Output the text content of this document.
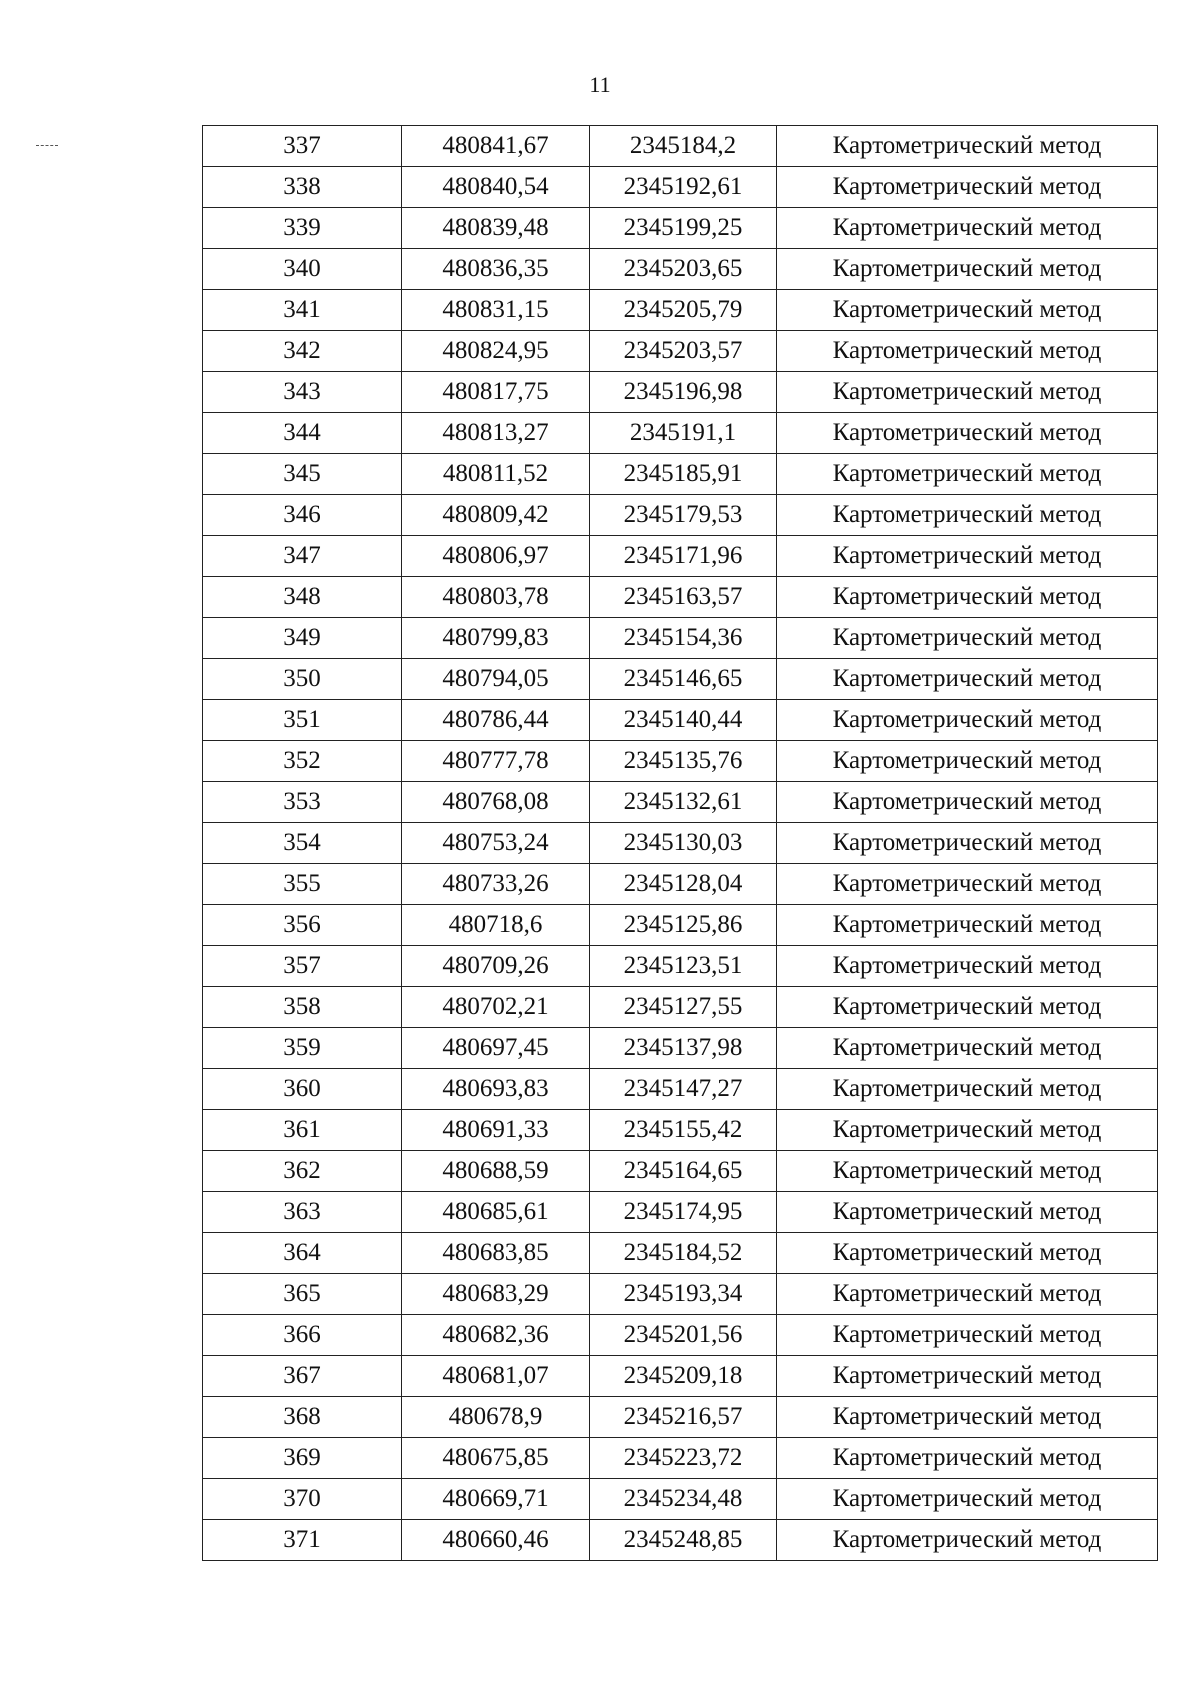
11
337	480841,67	2345184,2	Картометрический метод
338	480840,54	2345192,61	Картометрический метод
339	480839,48	2345199,25	Картометрический метод
340	480836,35	2345203,65	Картометрический метод
341	480831,15	2345205,79	Картометрический метод
342	480824,95	2345203,57	Картометрический метод
343	480817,75	2345196,98	Картометрический метод
344	480813,27	2345191,1	Картометрический метод
345	480811,52	2345185,91	Картометрический метод
346	480809,42	2345179,53	Картометрический метод
347	480806,97	2345171,96	Картометрический метод
348	480803,78	2345163,57	Картометрический метод
349	480799,83	2345154,36	Картометрический метод
350	480794,05	2345146,65	Картометрический метод
351	480786,44	2345140,44	Картометрический метод
352	480777,78	2345135,76	Картометрический метод
353	480768,08	2345132,61	Картометрический метод
354	480753,24	2345130,03	Картометрический метод
355	480733,26	2345128,04	Картометрический метод
356	480718,6	2345125,86	Картометрический метод
357	480709,26	2345123,51	Картометрический метод
358	480702,21	2345127,55	Картометрический метод
359	480697,45	2345137,98	Картометрический метод
360	480693,83	2345147,27	Картометрический метод
361	480691,33	2345155,42	Картометрический метод
362	480688,59	2345164,65	Картометрический метод
363	480685,61	2345174,95	Картометрический метод
364	480683,85	2345184,52	Картометрический метод
365	480683,29	2345193,34	Картометрический метод
366	480682,36	2345201,56	Картометрический метод
367	480681,07	2345209,18	Картометрический метод
368	480678,9	2345216,57	Картометрический метод
369	480675,85	2345223,72	Картометрический метод
370	480669,71	2345234,48	Картометрический метод
371	480660,46	2345248,85	Картометрический метод
